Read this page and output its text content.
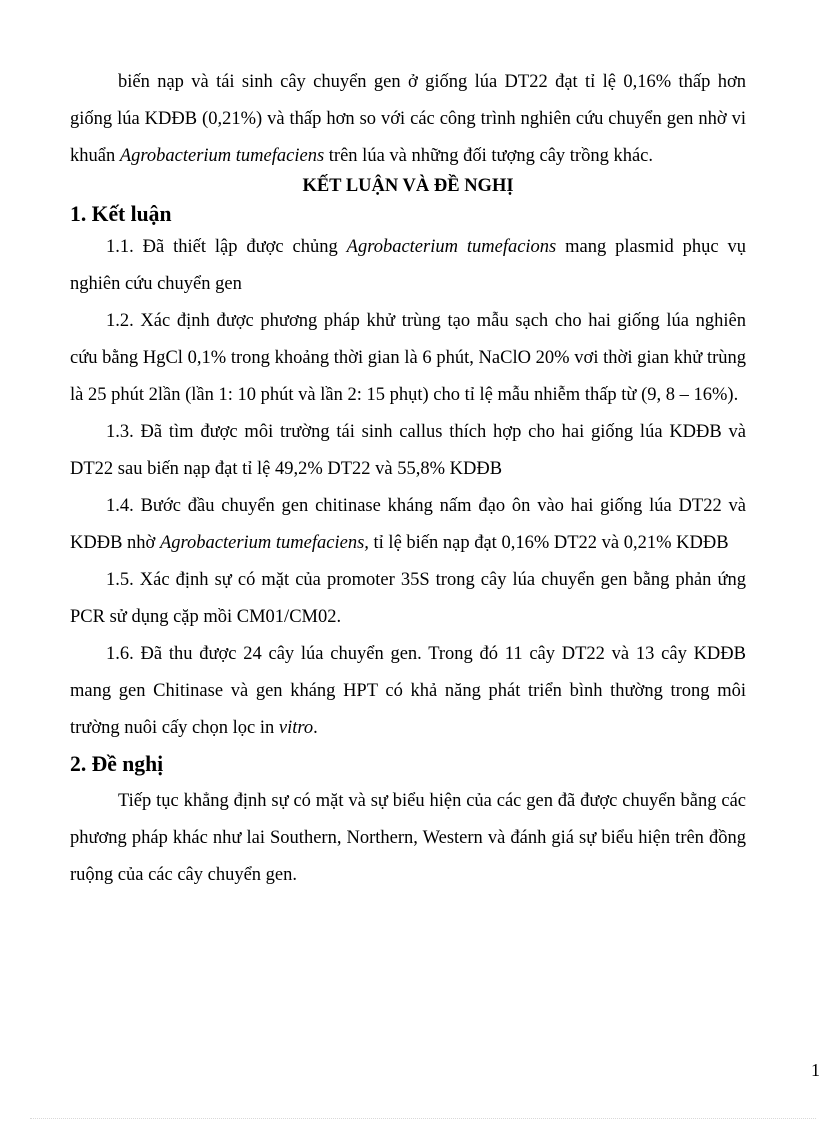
biến nạp và tái sinh cây chuyển gen ở giống lúa DT22 đạt tỉ lệ 0,16% thấp hơn giống lúa KDĐB (0,21%) và thấp hơn so với các công trình nghiên cứu chuyển gen nhờ vi khuẩn Agrobacterium tumefaciens trên lúa và những đối tượng cây trồng khác.

KẾT LUẬN VÀ ĐỀ NGHỊ
1. Kết luận

1.1. Đã thiết lập được chủng Agrobacterium tumefacions mang plasmid phục vụ nghiên cứu chuyển gen

1.2. Xác định được phương pháp khử trùng tạo mẫu sạch cho hai giống lúa nghiên cứu bằng HgCl 0,1% trong khoảng thời gian là 6 phút, NaClO 20% vơi thời gian khử trùng là 25 phút 2lần (lần 1: 10 phút và lần 2: 15 phụt) cho tỉ lệ mẫu nhiễm thấp từ (9, 8 – 16%).

1.3. Đã tìm được môi trường tái sinh callus thích hợp cho hai giống lúa KDĐB và DT22 sau biến nạp đạt tỉ lệ 49,2% DT22 và 55,8% KDĐB

1.4. Bước đầu chuyển gen chitinase kháng nấm đạo ôn vào hai giống lúa DT22 và KDĐB nhờ Agrobacterium tumefaciens, tỉ lệ biến nạp đạt 0,16% DT22 và 0,21% KDĐB

1.5. Xác định sự có mặt của promoter 35S trong cây lúa chuyển gen bằng phản ứng PCR sử dụng cặp mồi CM01/CM02.

1.6. Đã thu được 24 cây lúa chuyển gen. Trong đó 11 cây DT22 và 13 cây KDĐB mang gen Chitinase và gen kháng HPT có khả năng phát triển bình thường trong môi trường nuôi cấy chọn lọc in vitro.

2. Đề nghị

Tiếp tục khẳng định sự có mặt và sự biểu hiện của các gen đã được chuyển bằng các phương pháp khác như lai Southern, Northern, Western và đánh giá sự biểu hiện trên đồng ruộng của các cây chuyển gen.

1
